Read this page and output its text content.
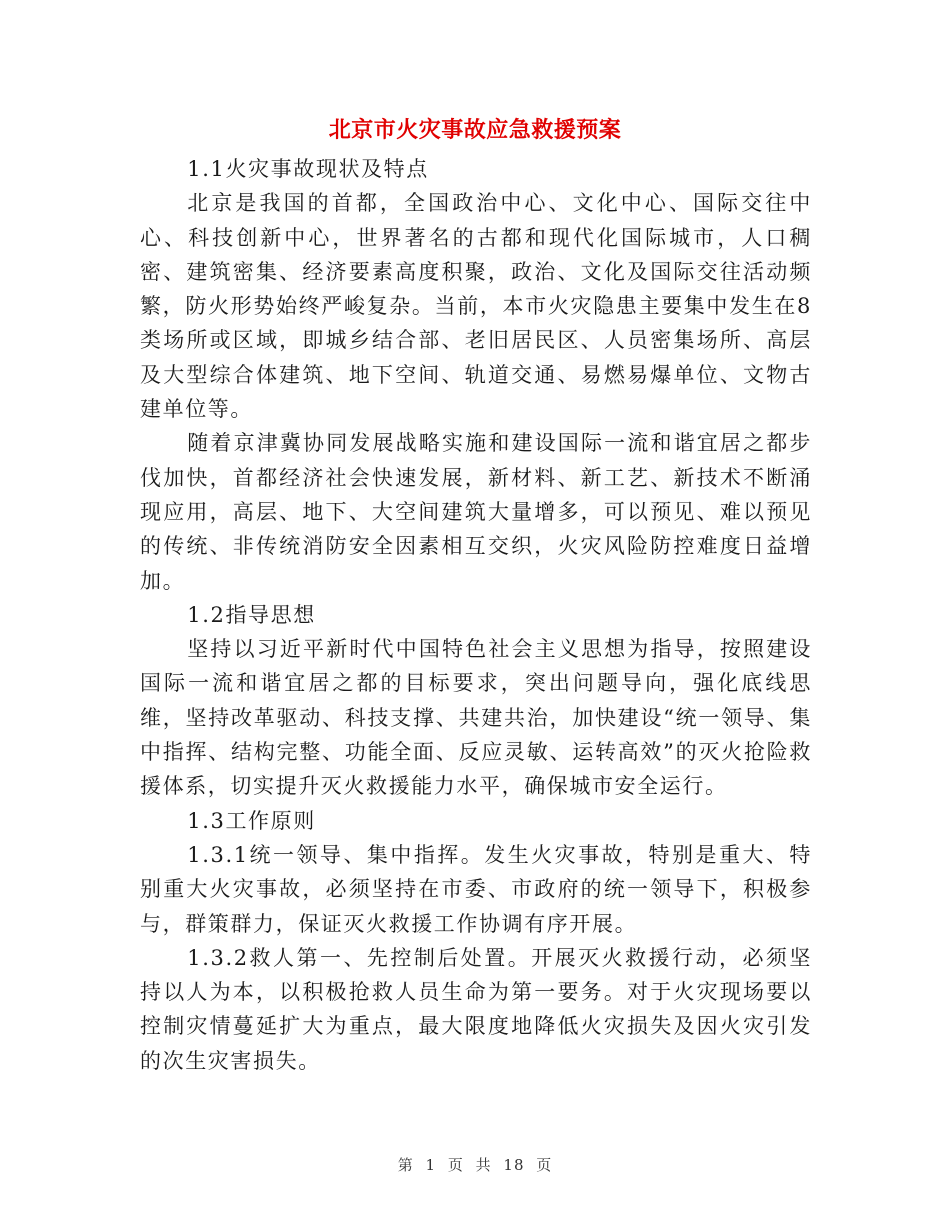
北京市火灾事故应急救援预案

1.1火灾事故现状及特点

北京是我国的首都，全国政治中心、文化中心、国际交往中心、科技创新中心，世界著名的古都和现代化国际城市，人口稠密、建筑密集、经济要素高度积聚，政治、文化及国际交往活动频繁，防火形势始终严峻复杂。当前，本市火灾隐患主要集中发生在8类场所或区域，即城乡结合部、老旧居民区、人员密集场所、高层及大型综合体建筑、地下空间、轨道交通、易燃易爆单位、文物古建单位等。

随着京津冀协同发展战略实施和建设国际一流和谐宜居之都步伐加快，首都经济社会快速发展，新材料、新工艺、新技术不断涌现应用，高层、地下、大空间建筑大量增多，可以预见、难以预见的传统、非传统消防安全因素相互交织，火灾风险防控难度日益增加。

1.2指导思想

坚持以习近平新时代中国特色社会主义思想为指导，按照建设国际一流和谐宜居之都的目标要求，突出问题导向，强化底线思维，坚持改革驱动、科技支撑、共建共治，加快建设“统一领导、集中指挥、结构完整、功能全面、反应灵敏、运转高效”的灭火抢险救援体系，切实提升灭火救援能力水平，确保城市安全运行。

1.3工作原则

1.3.1统一领导、集中指挥。发生火灾事故，特别是重大、特别重大火灾事故，必须坚持在市委、市政府的统一领导下，积极参与，群策群力，保证灭火救援工作协调有序开展。

1.3.2救人第一、先控制后处置。开展灭火救援行动，必须坚持以人为本，以积极抢救人员生命为第一要务。对于火灾现场要以控制灾情蔓延扩大为重点，最大限度地降低火灾损失及因火灾引发的次生灾害损失。

第 1 页 共 18 页
